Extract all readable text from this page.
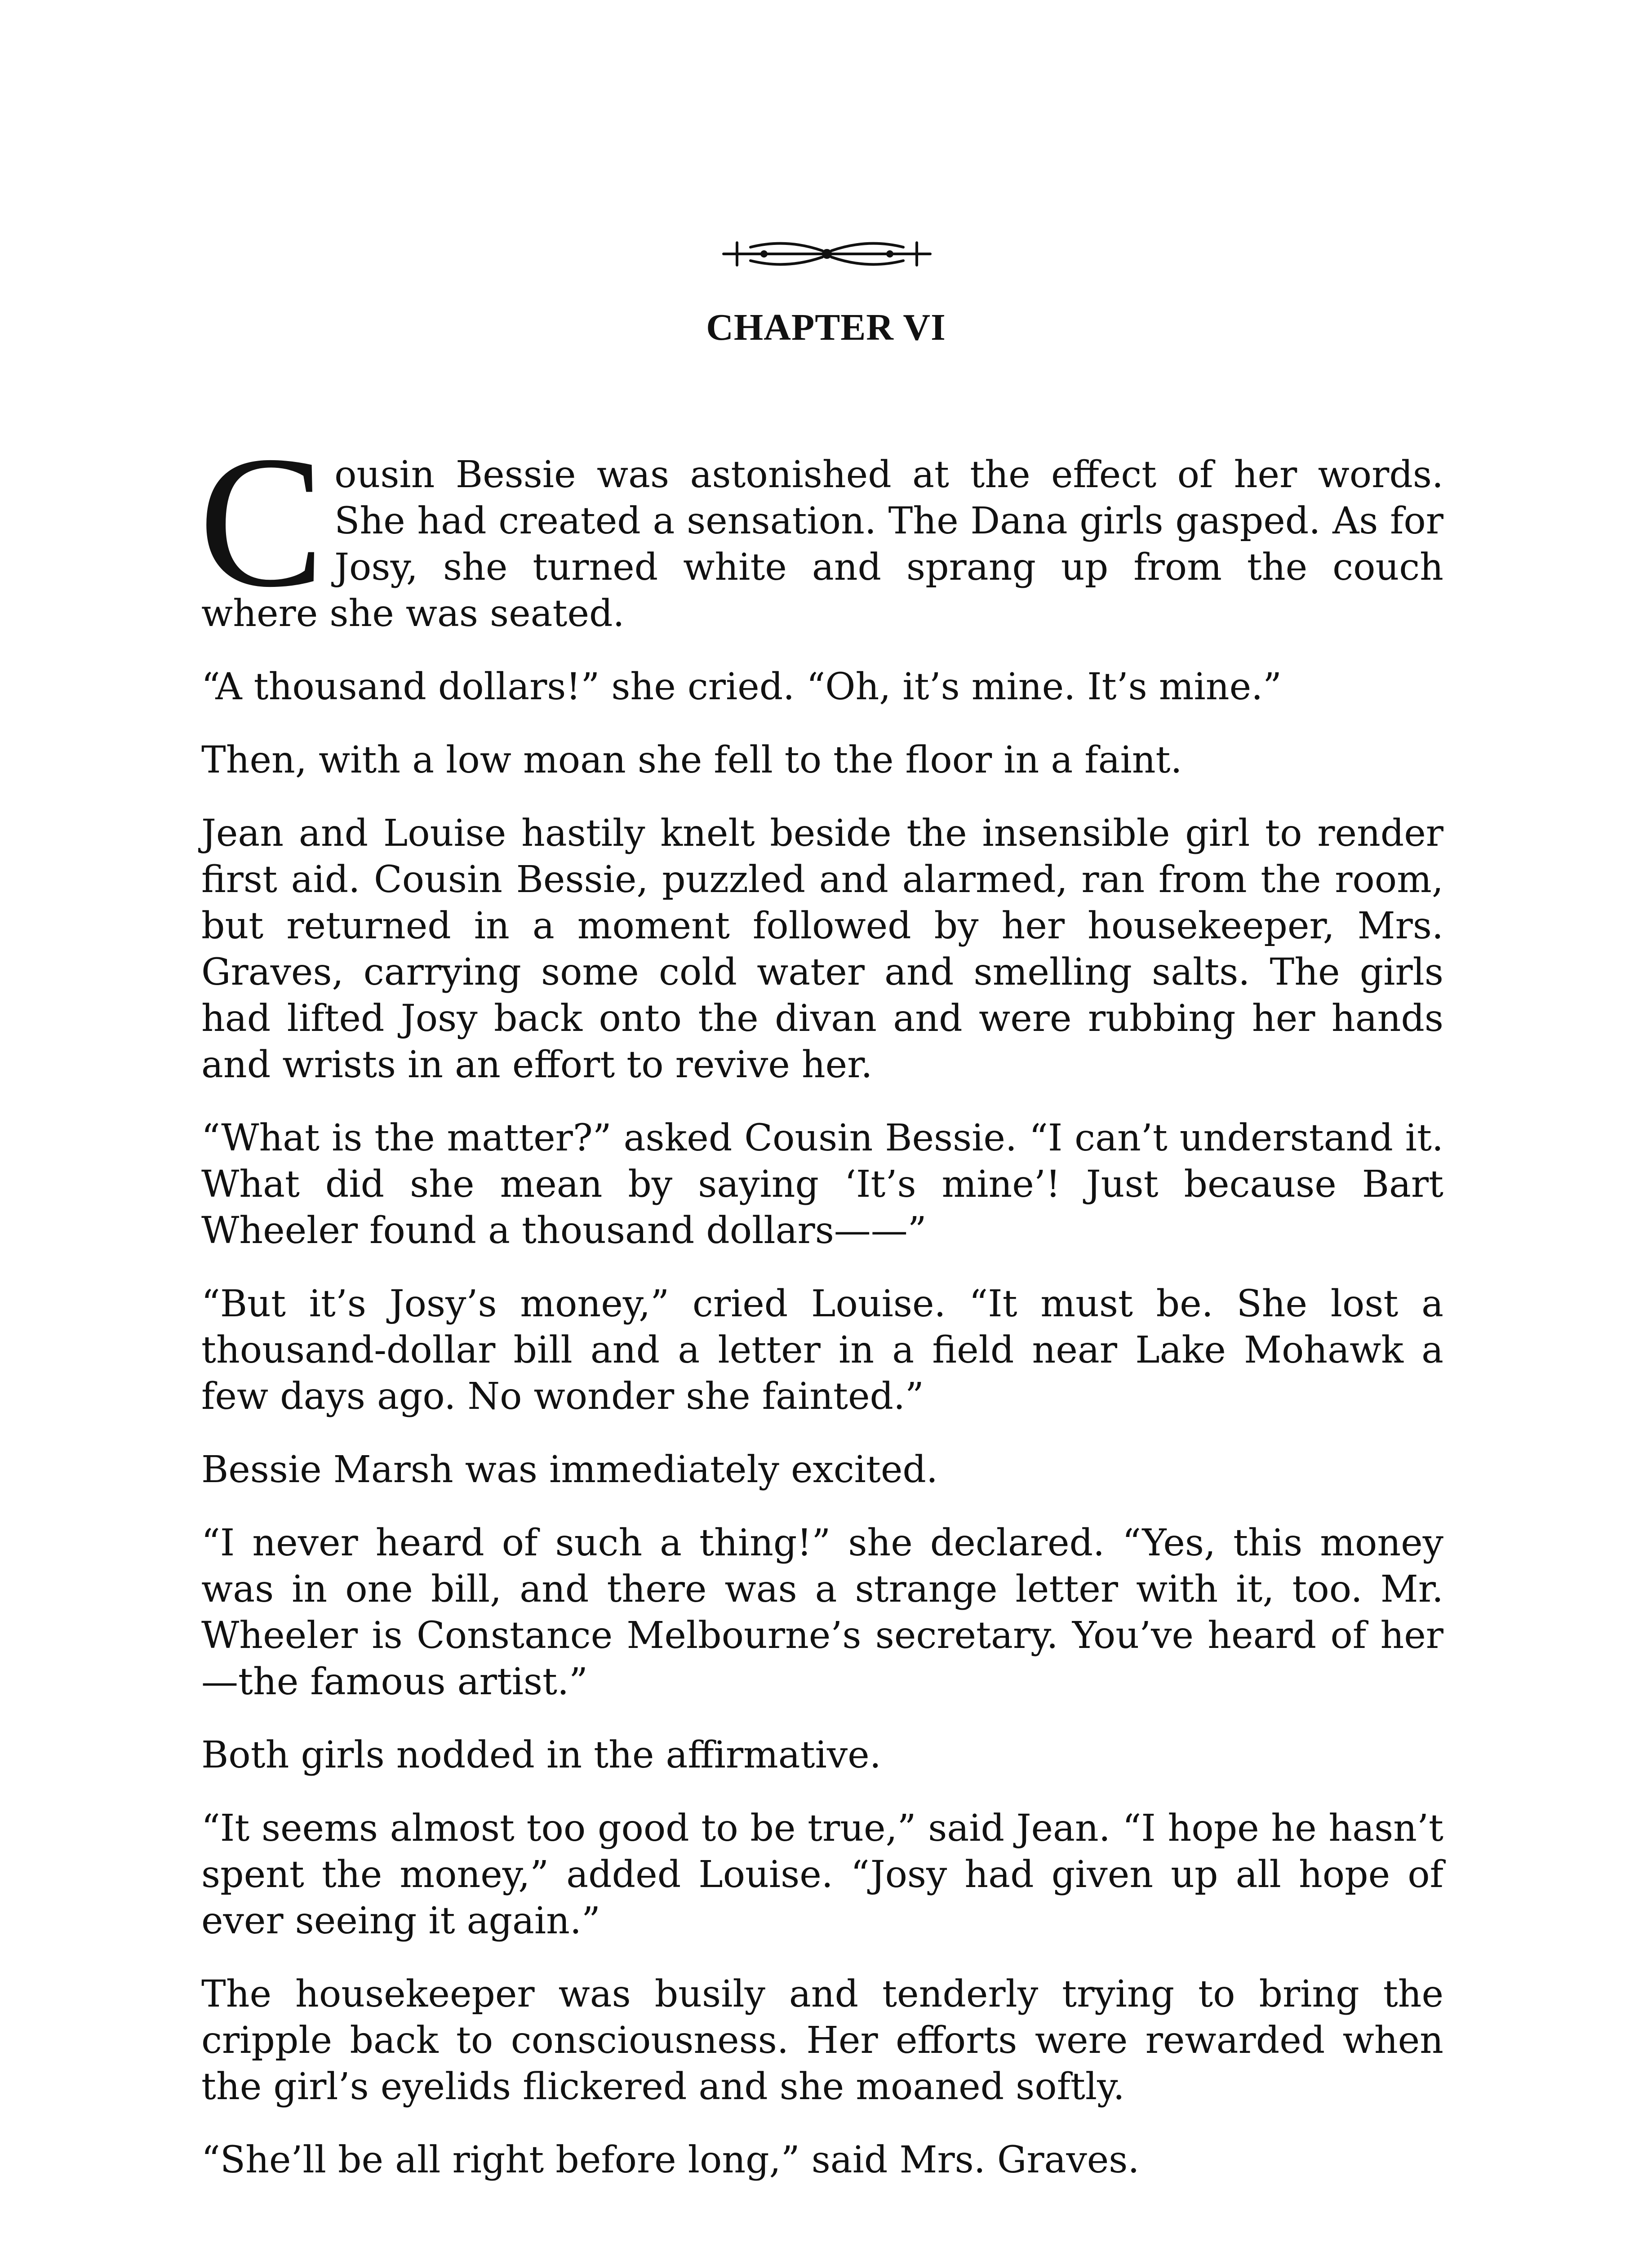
CHAPTER VI

Cousin Bessie was astonished at the effect of her words. She had created a sensation. The Dana girls gasped. As for Josy, she turned white and sprang up from the couch where she was seated.

“A thousand dollars!” she cried. “Oh, it’s mine. It’s mine.”

Then, with a low moan she fell to the floor in a faint.

Jean and Louise hastily knelt beside the insensible girl to render first aid. Cousin Bessie, puzzled and alarmed, ran from the room, but returned in a moment followed by her housekeeper, Mrs. Graves, carrying some cold water and smelling salts. The girls had lifted Josy back onto the divan and were rubbing her hands and wrists in an effort to revive her.

“What is the matter?” asked Cousin Bessie. “I can’t understand it. What did she mean by saying ‘It’s mine’! Just because Bart Wheeler found a thousand dollars——”

“But it’s Josy’s money,” cried Louise. “It must be. She lost a thousand-dollar bill and a letter in a field near Lake Mohawk a few days ago. No wonder she fainted.”

Bessie Marsh was immediately excited.

“I never heard of such a thing!” she declared. “Yes, this money was in one bill, and there was a strange letter with it, too. Mr. Wheeler is Constance Melbourne’s secretary. You’ve heard of her—the famous artist.”

Both girls nodded in the affirmative.

“It seems almost too good to be true,” said Jean. “I hope he hasn’t spent the money,” added Louise. “Josy had given up all hope of ever seeing it again.”

The housekeeper was busily and tenderly trying to bring the cripple back to consciousness. Her efforts were rewarded when the girl’s eyelids flickered and she moaned softly.

“She’ll be all right before long,” said Mrs. Graves.
